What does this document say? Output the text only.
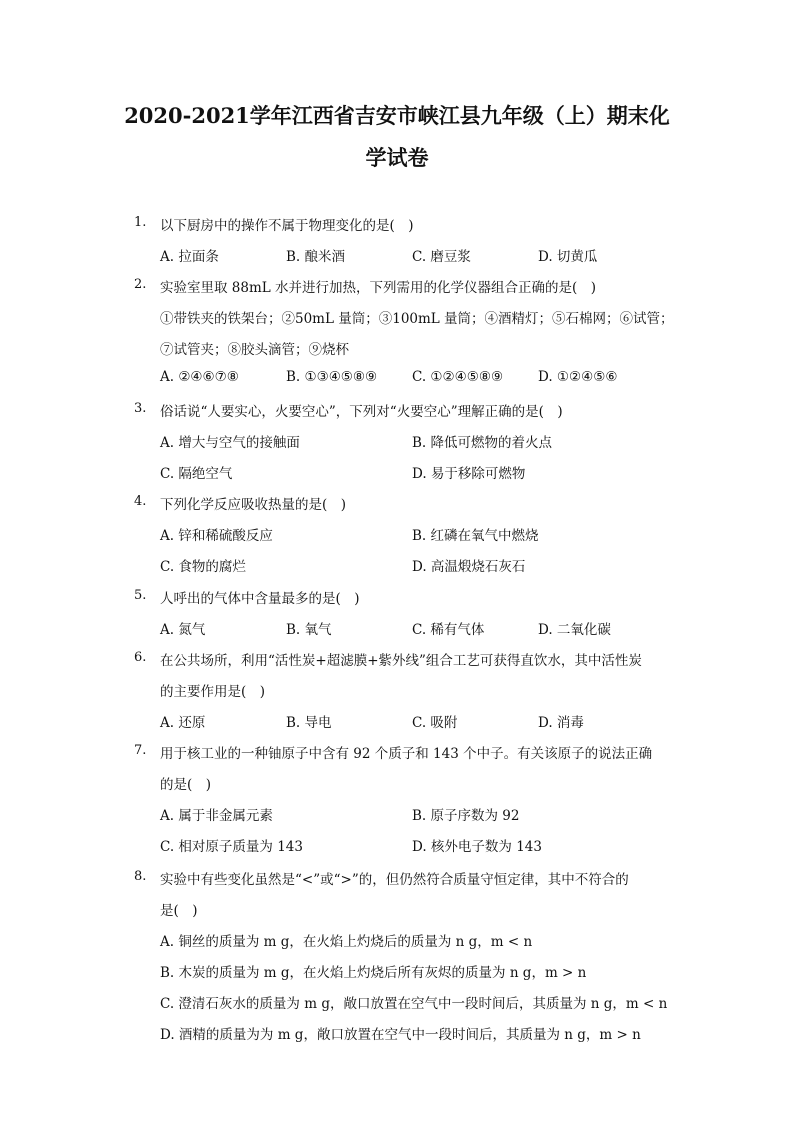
2020-2021学年江西省吉安市峡江县九年级（上）期末化
学试卷
1. 以下厨房中的操作不属于物理变化的是(　)
A. 拉面条	B. 酿米酒	C. 磨豆浆	D. 切黄瓜
2. 实验室里取 88mL 水并进行加热，下列需用的化学仪器组合正确的是(　)
①带铁夹的铁架台；②50mL 量筒；③100mL 量筒；④酒精灯；⑤石棉网；⑥试管；
⑦试管夹；⑧胶头滴管；⑨烧杯
A. ②④⑥⑦⑧	B. ①③④⑤⑧⑨	C. ①②④⑤⑧⑨	D. ①②④⑤⑥
3. 俗话说“人要实心，火要空心”，下列对“火要空心”理解正确的是(　)
A. 增大与空气的接触面	B. 降低可燃物的着火点
C. 隔绝空气	D. 易于移除可燃物
4. 下列化学反应吸收热量的是(　)
A. 锌和稀硫酸反应	B. 红磷在氧气中燃烧
C. 食物的腐烂	D. 高温煅烧石灰石
5. 人呼出的气体中含量最多的是(　)
A. 氮气	B. 氧气	C. 稀有气体	D. 二氧化碳
6. 在公共场所，利用“活性炭+超滤膜+紫外线”组合工艺可获得直饮水，其中活性炭
的主要作用是(　)
A. 还原	B. 导电	C. 吸附	D. 消毒
7. 用于核工业的一种铀原子中含有 92 个质子和 143 个中子。有关该原子的说法正确
的是(　)
A. 属于非金属元素	B. 原子序数为 92
C. 相对原子质量为 143	D. 核外电子数为 143
8. 实验中有些变化虽然是“<”或“>”的，但仍然符合质量守恒定律，其中不符合的
是(　)
A. 铜丝的质量为 m g，在火焰上灼烧后的质量为 n g，m < n
B. 木炭的质量为 m g，在火焰上灼烧后所有灰烬的质量为 n g，m > n
C. 澄清石灰水的质量为 m g，敞口放置在空气中一段时间后，其质量为 n g，m < n
D. 酒精的质量为为 m g，敞口放置在空气中一段时间后，其质量为 n g，m > n
